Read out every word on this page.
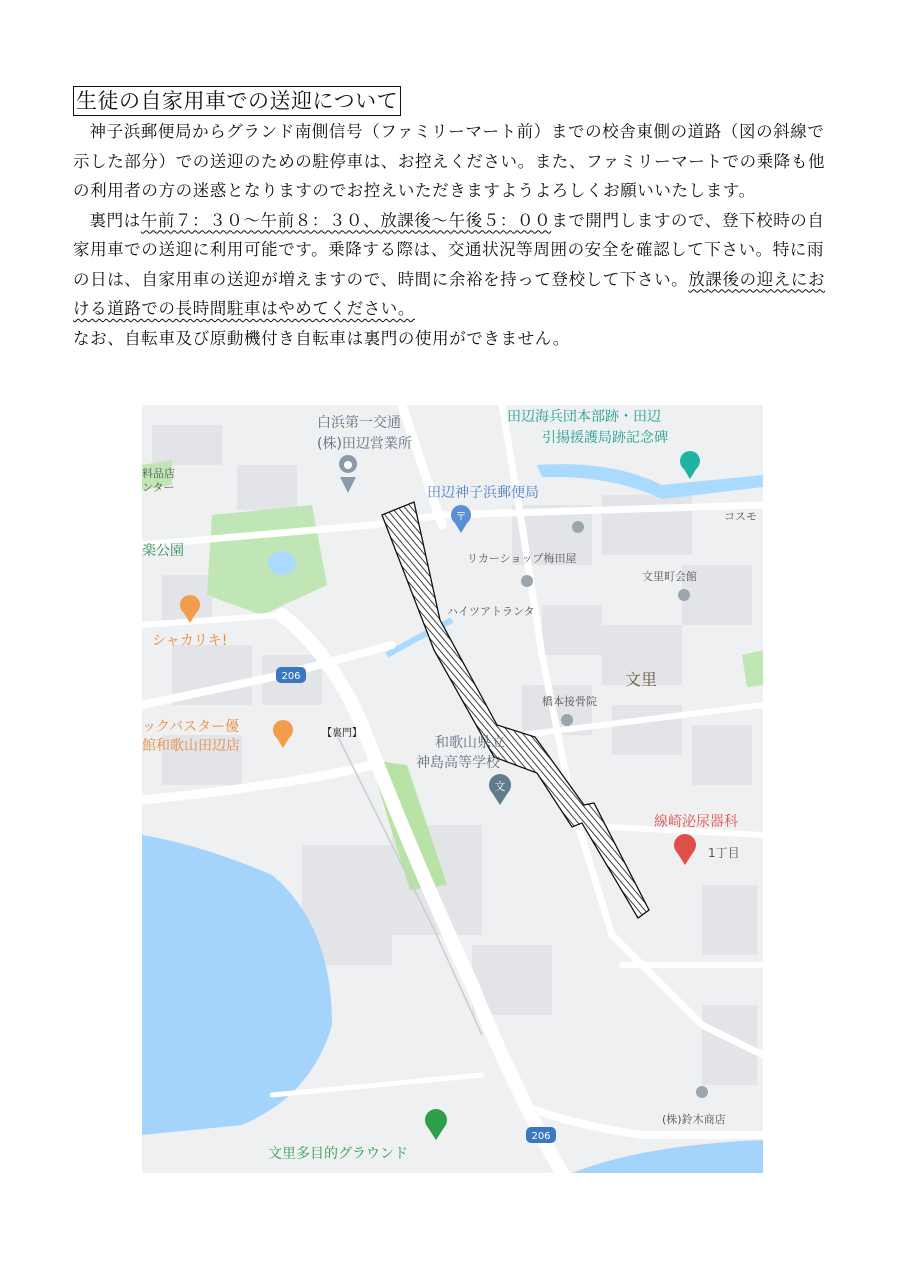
生徒の自家用車での送迎について

神子浜郵便局からグランド南側信号（ファミリーマート前）までの校舎東側の道路（図の斜線で示した部分）での送迎のための駐停車は、お控えください。また、ファミリーマートでの乗降も他の利用者の方の迷惑となりますのでお控えいただきますようよろしくお願いいたします。

裏門は午前７：３０～午前８：３０、放課後～午後５：００まで開門しますので、登下校時の自家用車での送迎に利用可能です。乗降する際は、交通状況等周囲の安全を確認して下さい。特に雨の日は、自家用車の送迎が増えますので、時間に余裕を持って登校して下さい。放課後の迎えにおける道路での長時間駐車はやめてください。

なお、自転車及び原動機付き自転車は裏門の使用ができません。
206
206
〒
文
白浜第一交通
(株)田辺営業所
田辺海兵団本部跡・田辺
引揚援護局跡記念碑
田辺神子浜郵便局
料品店
ンター
コスモ
リカーショップ梅田屋
文里町会館
ハイツアトランタ
橋本接骨院
(株)鈴木商店
楽公園
シャカリキ!
ックバスター優
館和歌山田辺店
【裏門】
和歌山県立
神島高等学校
文里
線崎泌尿器科
1丁目
文里多目的グラウンド
